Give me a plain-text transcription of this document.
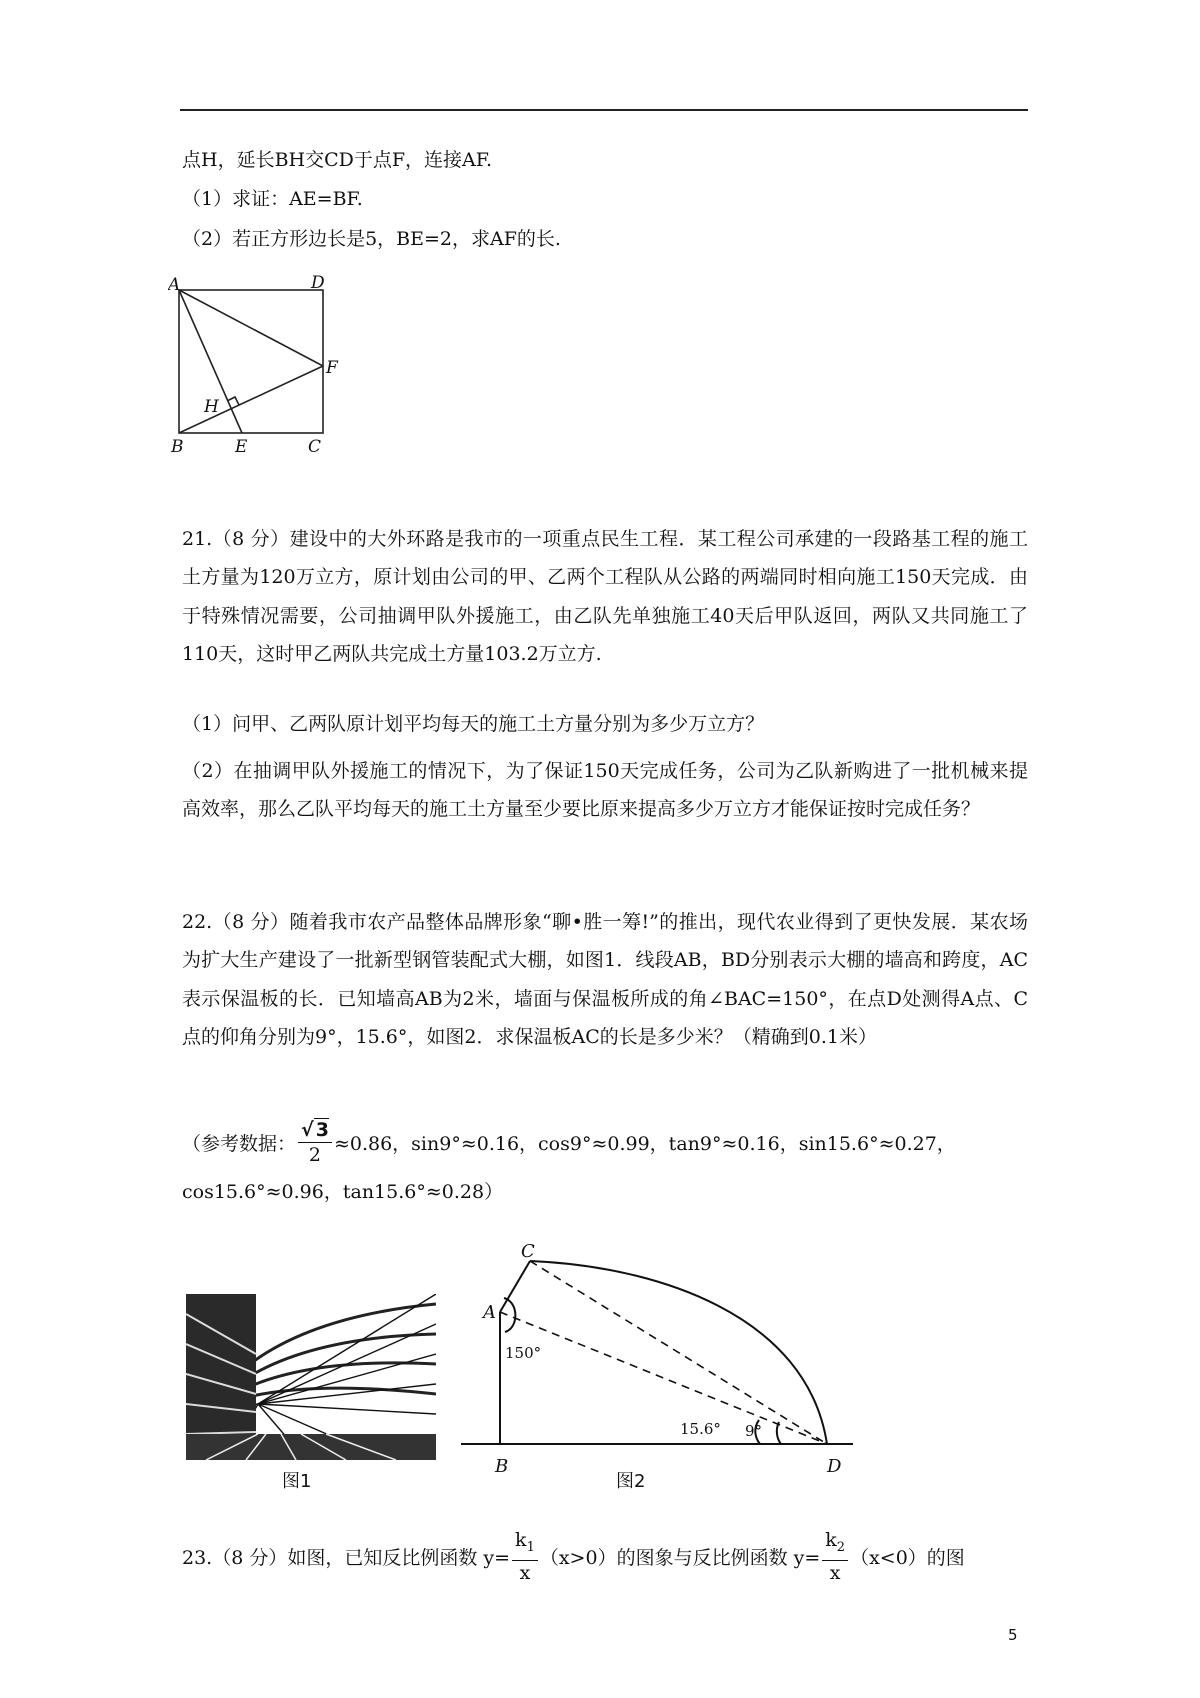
点H，延长BH交CD于点F，连接AF.
（1）求证：AE=BF.
（2）若正方形边长是5，BE=2，求AF的长.
A	D
F
H
B	E	C
21.（8 分）建设中的大外环路是我市的一项重点民生工程．某工程公司承建的一段路基工程的施工土方量为120万立方，原计划由公司的甲、乙两个工程队从公路的两端同时相向施工150天完成．由于特殊情况需要，公司抽调甲队外援施工，由乙队先单独施工40天后甲队返回，两队又共同施工了110天，这时甲乙两队共完成土方量103.2万立方.
（1）问甲、乙两队原计划平均每天的施工土方量分别为多少万立方？
（2）在抽调甲队外援施工的情况下，为了保证150天完成任务，公司为乙队新购进了一批机械来提高效率，那么乙队平均每天的施工土方量至少要比原来提高多少万立方才能保证按时完成任务？
22.（8 分）随着我市农产品整体品牌形象“聊•胜一筹!”的推出，现代农业得到了更快发展．某农场为扩大生产建设了一批新型钢管装配式大棚，如图1．线段AB，BD分别表示大棚的墙高和跨度，AC表示保温板的长．已知墙高AB为2米，墙面与保温板所成的角∠BAC=150°，在点D处测得A点、C点的仰角分别为9°，15.6°，如图2．求保温板AC的长是多少米？（精确到0.1米）
（参考数据： $\frac{√ 3}{2} \approx 0.86$，sin9°≈0.16，cos9°≈0.99，tan9°≈0.16，sin15.6°≈0.27，
cos15.6°≈0.96，tan15.6°≈0.28）
图1
C
A
B	D
150°
15.6° 9°
图2
23.（8 分）如图，已知反比例函数 $y= \frac{k_1}{x} (x>0)$的图象与反比例函数 $y= \frac{k_2}{x} (x<0)$的图
5
